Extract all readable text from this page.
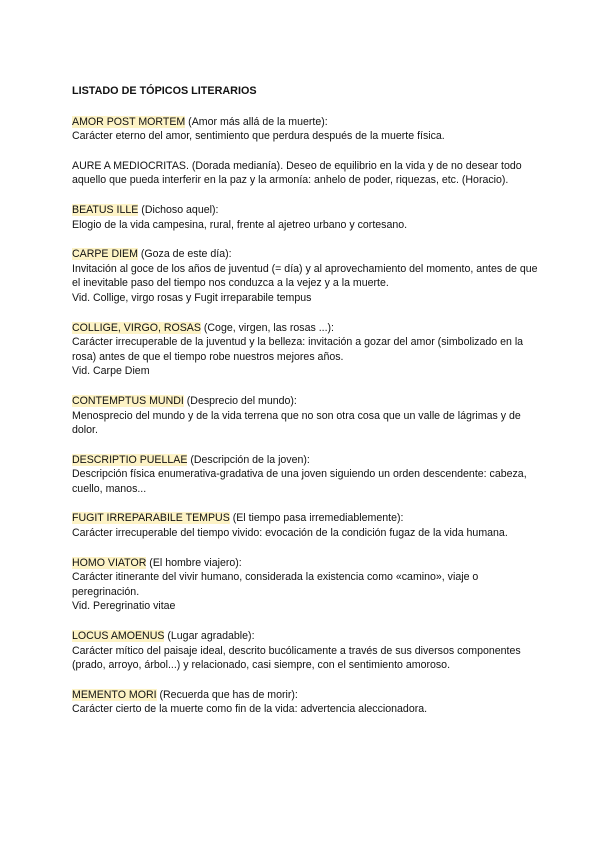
LISTADO DE TÓPICOS LITERARIOS

AMOR POST MORTEM (Amor más allá de la muerte):

Carácter eterno del amor, sentimiento que perdura después de la muerte física.

AURE A MEDIOCRITAS. (Dorada medianía). Deseo de equilibrio en la vida y de no desear todo aquello que pueda interferir en la paz y la armonía: anhelo de poder, riquezas, etc. (Horacio).

BEATUS ILLE (Dichoso aquel):

Elogio de la vida campesina, rural, frente al ajetreo urbano y cortesano.

CARPE DIEM (Goza de este día):

Invitación al goce de los años de juventud (= día) y al aprovechamiento del momento, antes de que el inevitable paso del tiempo nos conduzca a la vejez y a la muerte.

Vid. Collige, virgo rosas y Fugit irreparabile tempus

COLLIGE, VIRGO, ROSAS (Coge, virgen, las rosas ...):

Carácter irrecuperable de la juventud y la belleza: invitación a gozar del amor (simbolizado en la rosa) antes de que el tiempo robe nuestros mejores años.

Vid. Carpe Diem

CONTEMPTUS MUNDI (Desprecio del mundo):

Menosprecio del mundo y de la vida terrena que no son otra cosa que un valle de lágrimas y de dolor.

DESCRIPTIO PUELLAE (Descripción de la joven):

Descripción física enumerativa-gradativa de una joven siguiendo un orden descendente: cabeza, cuello, manos...

FUGIT IRREPARABILE TEMPUS (El tiempo pasa irremediablemente):

Carácter irrecuperable del tiempo vivido: evocación de la condición fugaz de la vida humana.

HOMO VIATOR (El hombre viajero):

Carácter itinerante del vivir humano, considerada la existencia como «camino», viaje o peregrinación.

Vid. Peregrinatio vitae

LOCUS AMOENUS (Lugar agradable):

Carácter mítico del paisaje ideal, descrito bucólicamente a través de sus diversos componentes (prado, arroyo, árbol...) y relacionado, casi siempre, con el sentimiento amoroso.

MEMENTO MORI (Recuerda que has de morir):

Carácter cierto de la muerte como fin de la vida: advertencia aleccionadora.
